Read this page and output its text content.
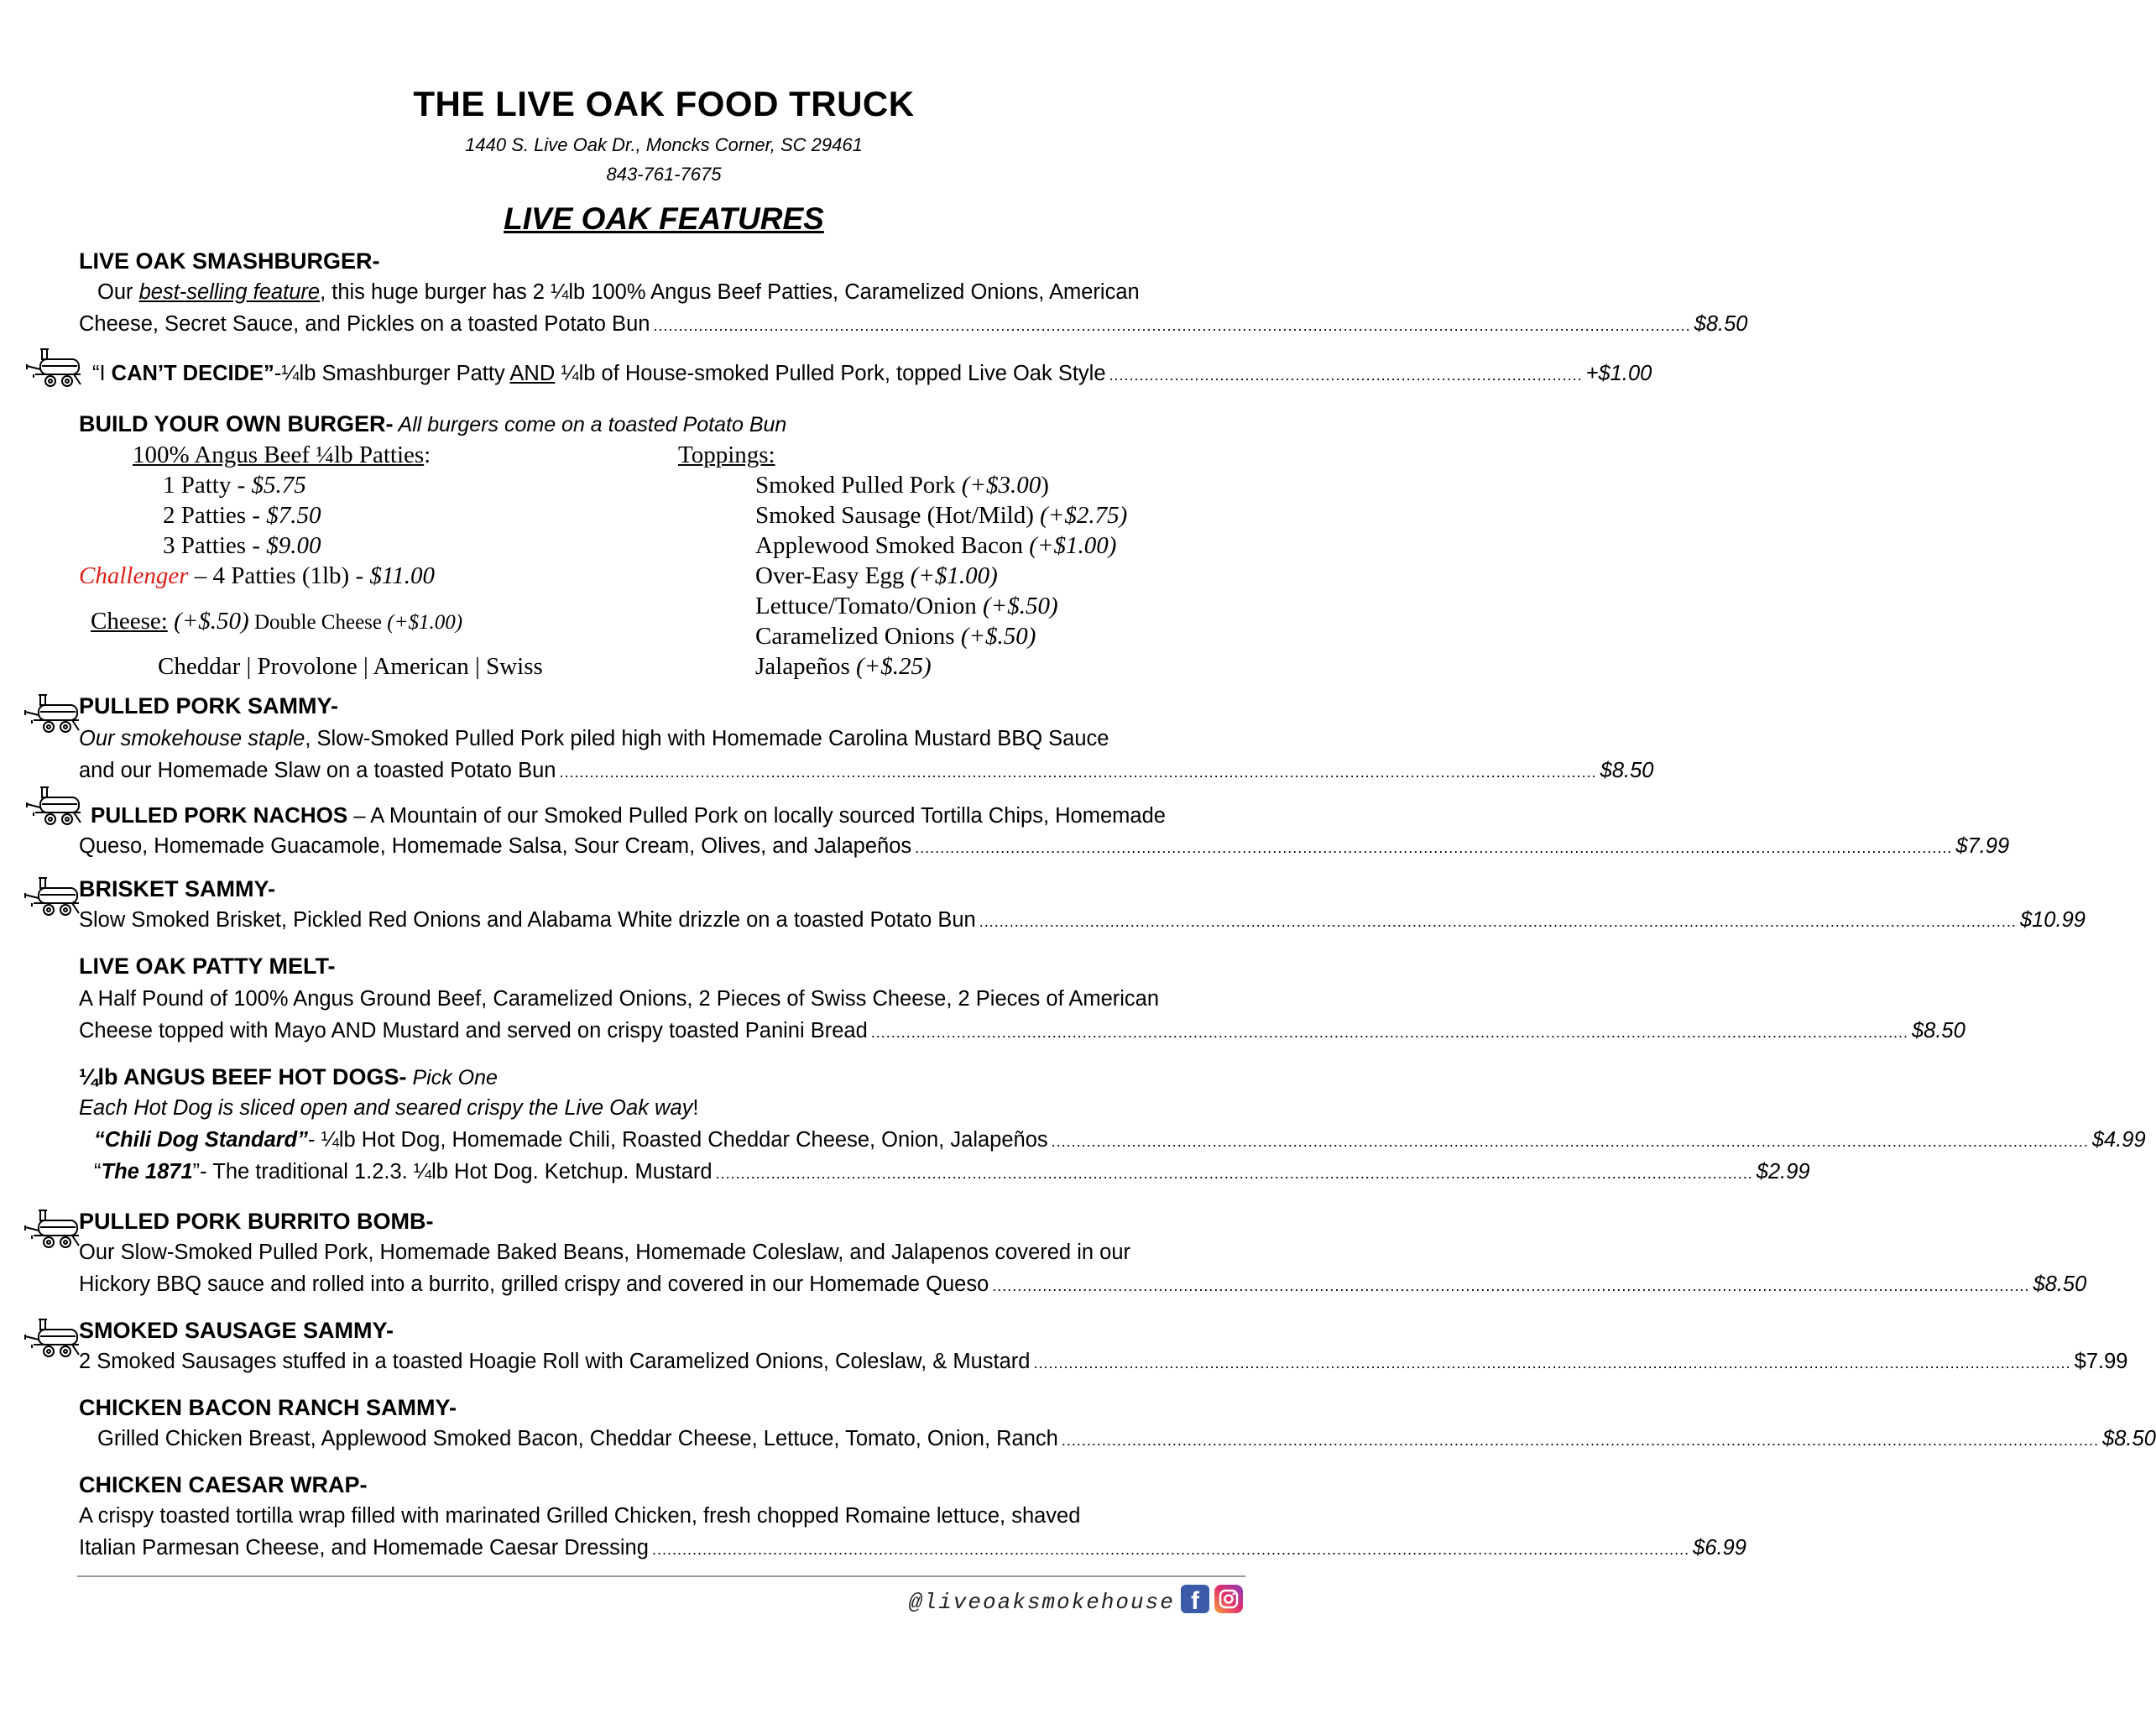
THE LIVE OAK FOOD TRUCK
1440 S. Live Oak Dr., Moncks Corner, SC 29461
843-761-7675
LIVE OAK FEATURES
LIVE OAK SMASHBURGER-
Our best-selling feature, this huge burger has 2 ¼lb 100% Angus Beef Patties, Caramelized Onions, American
Cheese, Secret Sauce, and Pickles on a toasted Potato Bun .............................................................................................................................................................................................................. $8.50
“I CAN’T DECIDE”-¼lb Smashburger Patty AND ¼lb of House-smoked Pulled Pork, topped Live Oak Style .............................................................................................. +$1.00
BUILD YOUR OWN BURGER- All burgers come on a toasted Potato Bun
100% Angus Beef ¼lb Patties:
1 Patty - $5.75
2 Patties - $7.50
3 Patties - $9.00
Challenger – 4 Patties (1lb) - $11.00
Cheese: (+$.50) Double Cheese (+$1.00)
Cheddar | Provolone | American | Swiss
Toppings:
Smoked Pulled Pork (+$3.00)
Smoked Sausage (Hot/Mild) (+$2.75)
Applewood Smoked Bacon (+$1.00)
Over-Easy Egg (+$1.00)
Lettuce/Tomato/Onion (+$.50)
Caramelized Onions (+$.50)
Jalapeños (+$.25)
PULLED PORK SAMMY-
Our smokehouse staple, Slow-Smoked Pulled Pork piled high with Homemade Carolina Mustard BBQ Sauce
and our Homemade Slaw on a toasted Potato Bun .............................................................................................................................................................................................................. $8.50
PULLED PORK NACHOS – A Mountain of our Smoked Pulled Pork on locally sourced Tortilla Chips, Homemade
Queso, Homemade Guacamole, Homemade Salsa, Sour Cream, Olives, and Jalapeños .............................................................................................................................................................................................................. $7.99
BRISKET SAMMY-
Slow Smoked Brisket, Pickled Red Onions and Alabama White drizzle on a toasted Potato Bun .............................................................................................................................................................................................................. $10.99
LIVE OAK PATTY MELT-
A Half Pound of 100% Angus Ground Beef, Caramelized Onions, 2 Pieces of Swiss Cheese, 2 Pieces of American
Cheese topped with Mayo AND Mustard and served on crispy toasted Panini Bread .............................................................................................................................................................................................................. $8.50
¼lb ANGUS BEEF HOT DOGS- Pick One
Each Hot Dog is sliced open and seared crispy the Live Oak way!
“Chili Dog Standard”- ¼lb Hot Dog, Homemade Chili, Roasted Cheddar Cheese, Onion, Jalapeños .............................................................................................................................................................................................................. $4.99
“The 1871”- The traditional 1.2.3. ¼lb Hot Dog. Ketchup. Mustard .............................................................................................................................................................................................................. $2.99
PULLED PORK BURRITO BOMB-
Our Slow-Smoked Pulled Pork, Homemade Baked Beans, Homemade Coleslaw, and Jalapenos covered in our
Hickory BBQ sauce and rolled into a burrito, grilled crispy and covered in our Homemade Queso .............................................................................................................................................................................................................. $8.50
SMOKED SAUSAGE SAMMY-
2 Smoked Sausages stuffed in a toasted Hoagie Roll with Caramelized Onions, Coleslaw, & Mustard .............................................................................................................................................................................................................. $7.99
CHICKEN BACON RANCH SAMMY-
Grilled Chicken Breast, Applewood Smoked Bacon, Cheddar Cheese, Lettuce, Tomato, Onion, Ranch .............................................................................................................................................................................................................. $8.50
CHICKEN CAESAR WRAP-
A crispy toasted tortilla wrap filled with marinated Grilled Chicken, fresh chopped Romaine lettuce, shaved
Italian Parmesan Cheese, and Homemade Caesar Dressing .............................................................................................................................................................................................................. $6.99
@liveoaksmokehouse f
